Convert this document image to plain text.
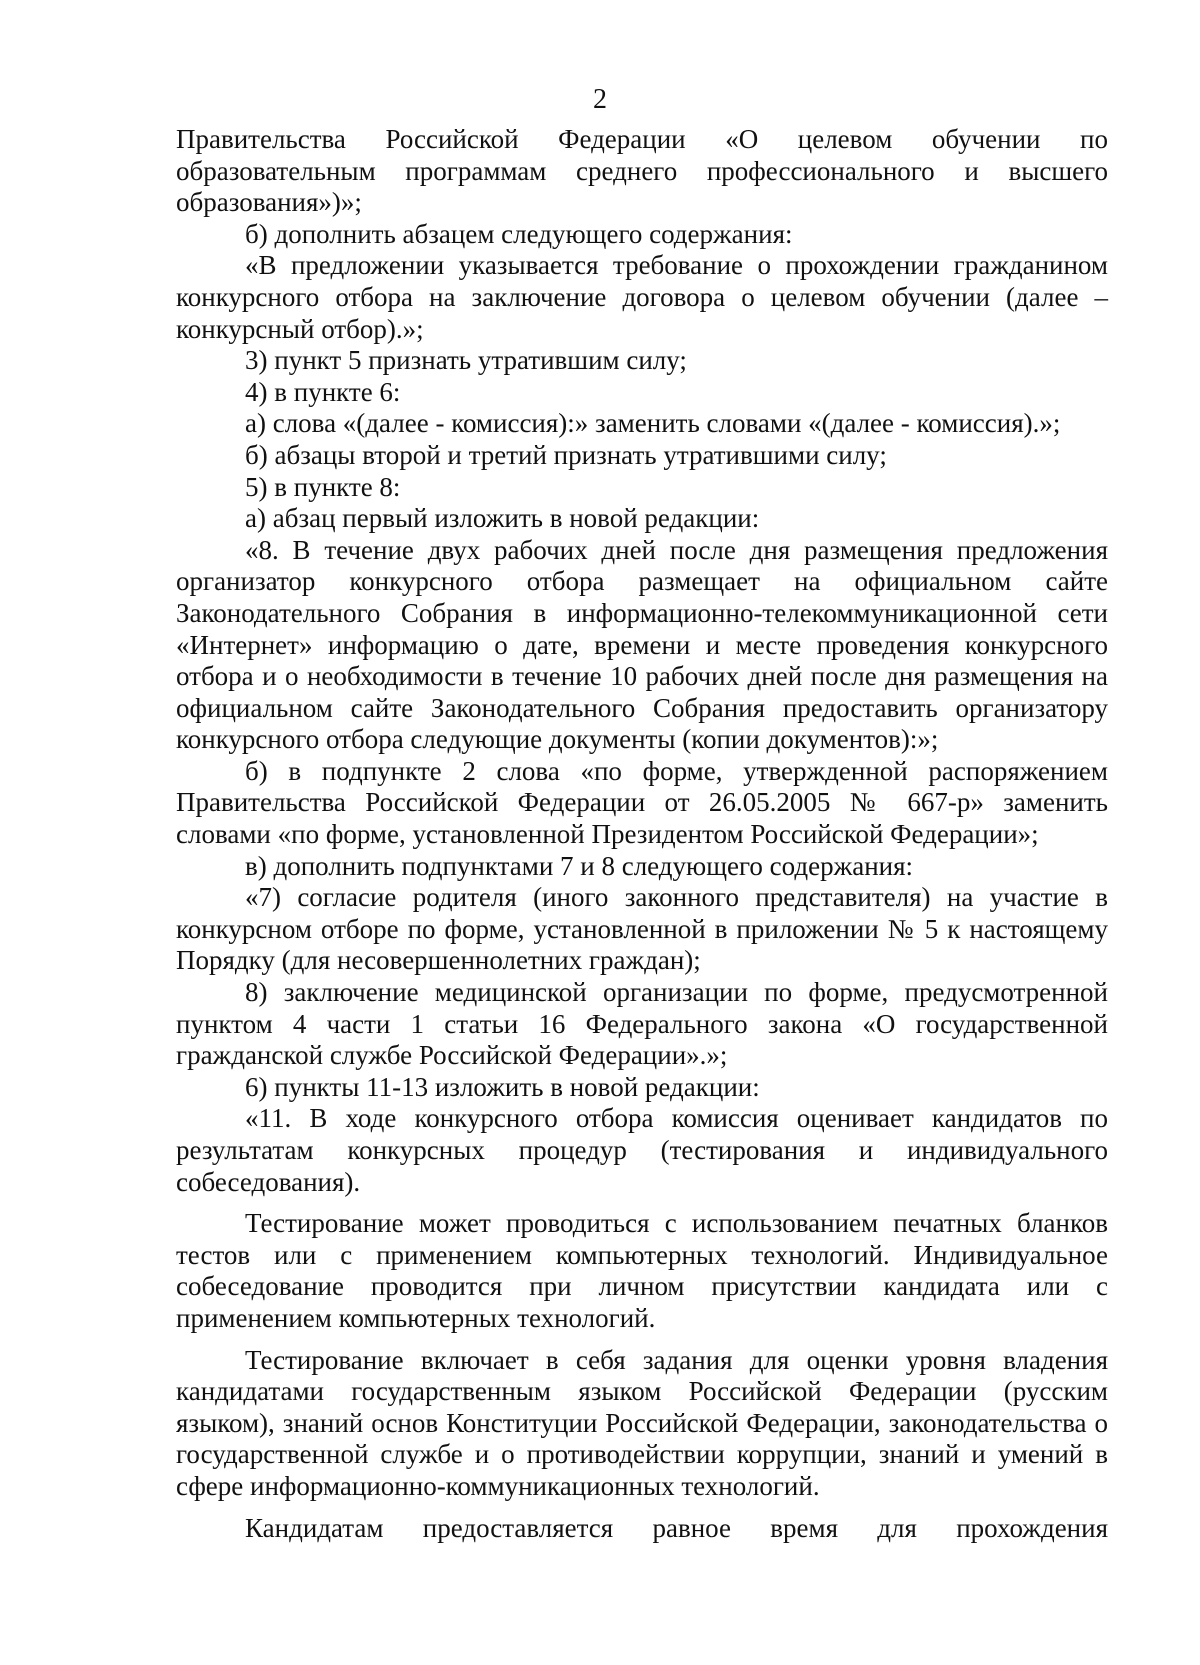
2

Правительства Российской Федерации «О целевом обучении по образовательным программам среднего профессионального и высшего образования»)»;

б) дополнить абзацем следующего содержания:

«В предложении указывается требование о прохождении гражданином конкурсного отбора на заключение договора о целевом обучении (далее – конкурсный отбор).»;

3) пункт 5 признать утратившим силу;

4) в пункте 6:

а) слова «(далее - комиссия):» заменить словами «(далее - комиссия).»;

б) абзацы второй и третий признать утратившими силу;

5) в пункте 8:

а) абзац первый изложить в новой редакции:

«8. В течение двух рабочих дней после дня размещения предложения организатор конкурсного отбора размещает на официальном сайте Законодательного Собрания в информационно-телекоммуникационной сети «Интернет» информацию о дате, времени и месте проведения конкурсного отбора и о необходимости в течение 10 рабочих дней после дня размещения на официальном сайте Законодательного Собрания предоставить организатору конкурсного отбора следующие документы (копии документов):»;

б) в подпункте 2 слова «по форме, утвержденной распоряжением Правительства Российской Федерации от 26.05.2005 № 667-р» заменить словами «по форме, установленной Президентом Российской Федерации»;

в) дополнить подпунктами 7 и 8 следующего содержания:

«7) согласие родителя (иного законного представителя) на участие в конкурсном отборе по форме, установленной в приложении № 5 к настоящему Порядку (для несовершеннолетних граждан);

8) заключение медицинской организации по форме, предусмотренной пунктом 4 части 1 статьи 16 Федерального закона «О государственной гражданской службе Российской Федерации».»;

6) пункты 11-13 изложить в новой редакции:

«11. В ходе конкурсного отбора комиссия оценивает кандидатов по результатам конкурсных процедур (тестирования и индивидуального собеседования).

Тестирование может проводиться с использованием печатных бланков тестов или с применением компьютерных технологий. Индивидуальное собеседование проводится при личном присутствии кандидата или с применением компьютерных технологий.

Тестирование включает в себя задания для оценки уровня владения кандидатами государственным языком Российской Федерации (русским языком), знаний основ Конституции Российской Федерации, законодательства о государственной службе и о противодействии коррупции, знаний и умений в сфере информационно-коммуникационных технологий.

Кандидатам предоставляется равное время для прохождения
